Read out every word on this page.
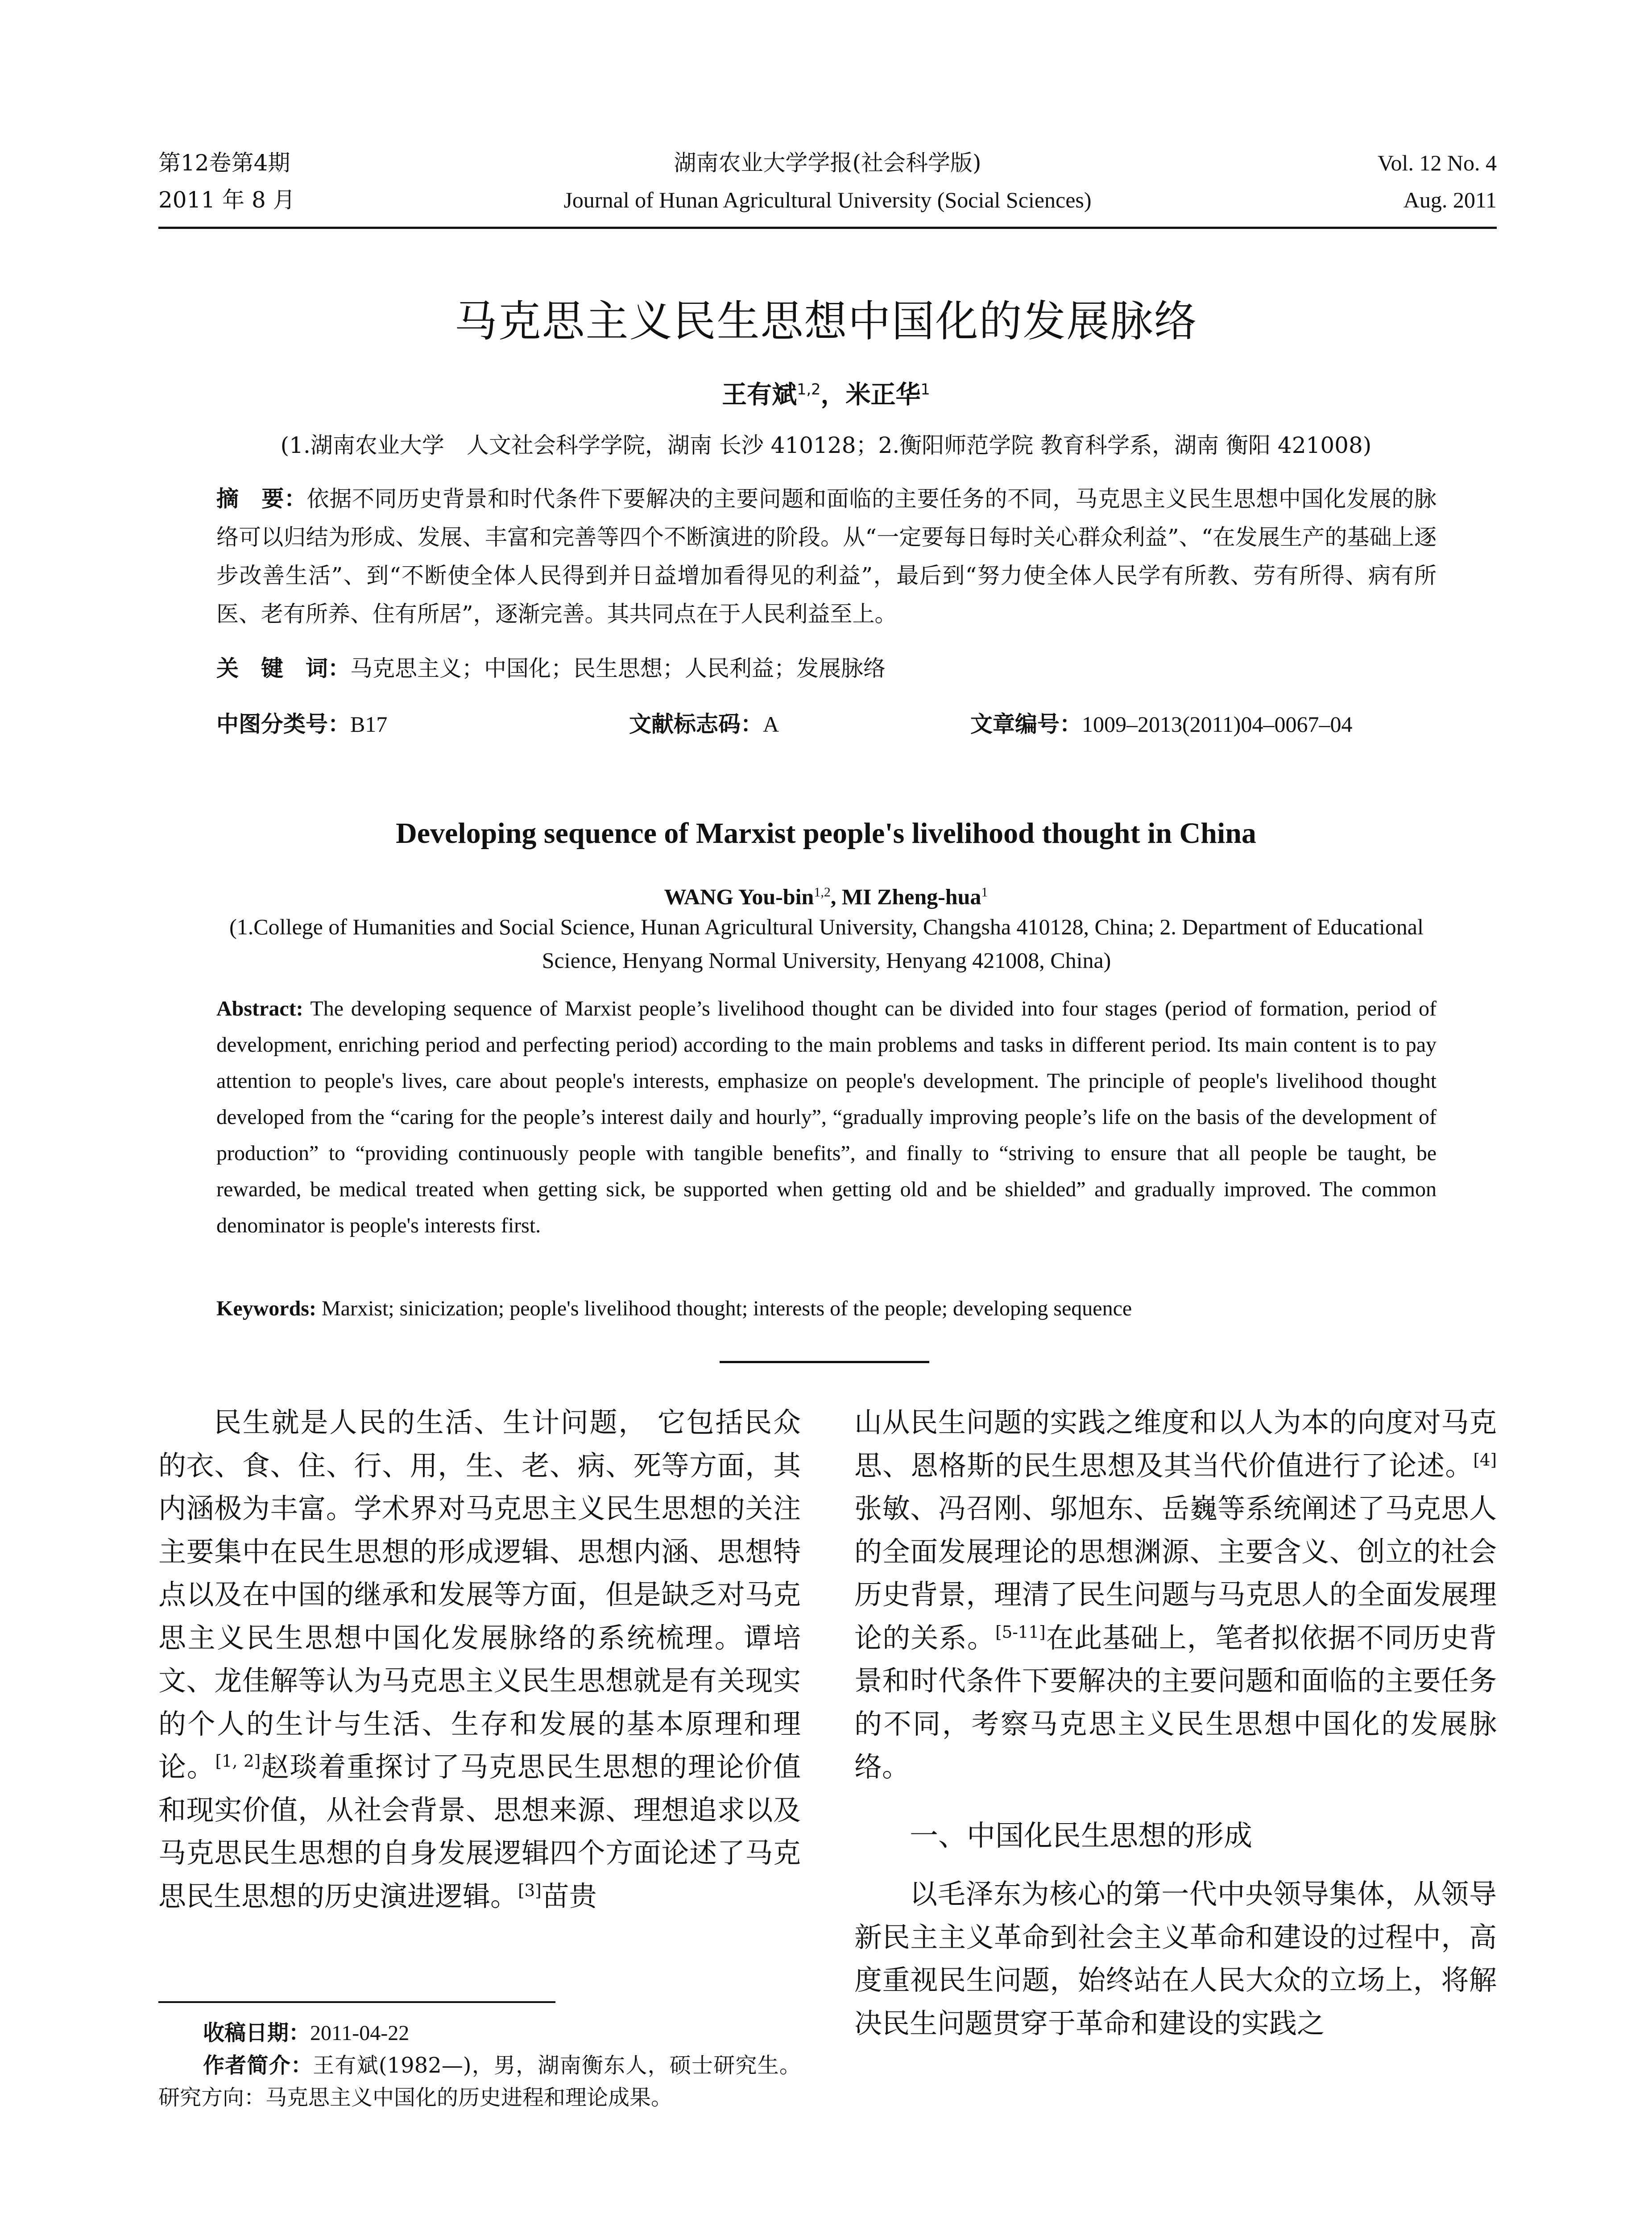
第12卷第4期	湖南农业大学学报(社会科学版)	Vol. 12 No. 4
2011 年 8 月	Journal of Hunan Agricultural University (Social Sciences)	Aug. 2011
马克思主义民生思想中国化的发展脉络
王有斌$^{1,2}$，米正华$^1$
(1.湖南农业大学　人文社会科学学院，湖南 长沙 410128；2.衡阳师范学院 教育科学系，湖南 衡阳 421008)
摘　要：依据不同历史背景和时代条件下要解决的主要问题和面临的主要任务的不同，马克思主义民生思想中国化发展的脉络可以归结为形成、发展、丰富和完善等四个不断演进的阶段。从“一定要每日每时关心群众利益”、“在发展生产的基础上逐步改善生活”、到“不断使全体人民得到并日益增加看得见的利益”，最后到“努力使全体人民学有所教、劳有所得、病有所医、老有所养、住有所居”，逐渐完善。其共同点在于人民利益至上。
关　键　词：马克思主义；中国化；民生思想；人民利益；发展脉络
中图分类号：B17	文献标志码：A	文章编号：1009–2013(2011)04–0067–04
Developing sequence of Marxist people's livelihood thought in China
WANG You-bin$^{1,2}$, MI Zheng-hua$^1$
(1.College of Humanities and Social Science, Hunan Agricultural University, Changsha 410128, China; 2. Department of Educational Science, Henyang Normal University, Henyang 421008, China)
Abstract: The developing sequence of Marxist people’s livelihood thought can be divided into four stages (period of formation, period of development, enriching period and perfecting period) according to the main problems and tasks in different period. Its main content is to pay attention to people's lives, care about people's interests, emphasize on people's development. The principle of people's livelihood thought developed from the “caring for the people’s interest daily and hourly”, “gradually improving people’s life on the basis of the development of production” to “providing continuously people with tangible benefits”, and finally to “striving to ensure that all people be taught, be rewarded, be medical treated when getting sick, be supported when getting old and be shielded” and gradually improved. The common denominator is people's interests first.
Keywords: Marxist; sinicization; people's livelihood thought; interests of the people; developing sequence

民生就是人民的生活、生计问题， 它包括民众的衣、食、住、行、用，生、老、病、死等方面，其内涵极为丰富。学术界对马克思主义民生思想的关注主要集中在民生思想的形成逻辑、思想内涵、思想特点以及在中国的继承和发展等方面，但是缺乏对马克思主义民生思想中国化发展脉络的系统梳理。谭培文、龙佳解等认为马克思主义民生思想就是有关现实的个人的生计与生活、生存和发展的基本原理和理论。[1, 2]赵琰着重探讨了马克思民生思想的理论价值和现实价值，从社会背景、思想来源、理想追求以及马克思民生思想的自身发展逻辑四个方面论述了马克思民生思想的历史演进逻辑。[3]苗贵

山从民生问题的实践之维度和以人为本的向度对马克思、恩格斯的民生思想及其当代价值进行了论述。[4]张敏、冯召刚、邬旭东、岳巍等系统阐述了马克思人的全面发展理论的思想渊源、主要含义、创立的社会历史背景，理清了民生问题与马克思人的全面发展理论的关系。[5-11]在此基础上，笔者拟依据不同历史背景和时代条件下要解决的主要问题和面临的主要任务的不同，考察马克思主义民生思想中国化的发展脉络。

一、中国化民生思想的形成

以毛泽东为核心的第一代中央领导集体，从领导新民主主义革命到社会主义革命和建设的过程中，高度重视民生问题，始终站在人民大众的立场上，将解决民生问题贯穿于革命和建设的实践之

收稿日期：2011-04-22

作者简介：王有斌(1982—)，男，湖南衡东人，硕士研究生。研究方向：马克思主义中国化的历史进程和理论成果。
